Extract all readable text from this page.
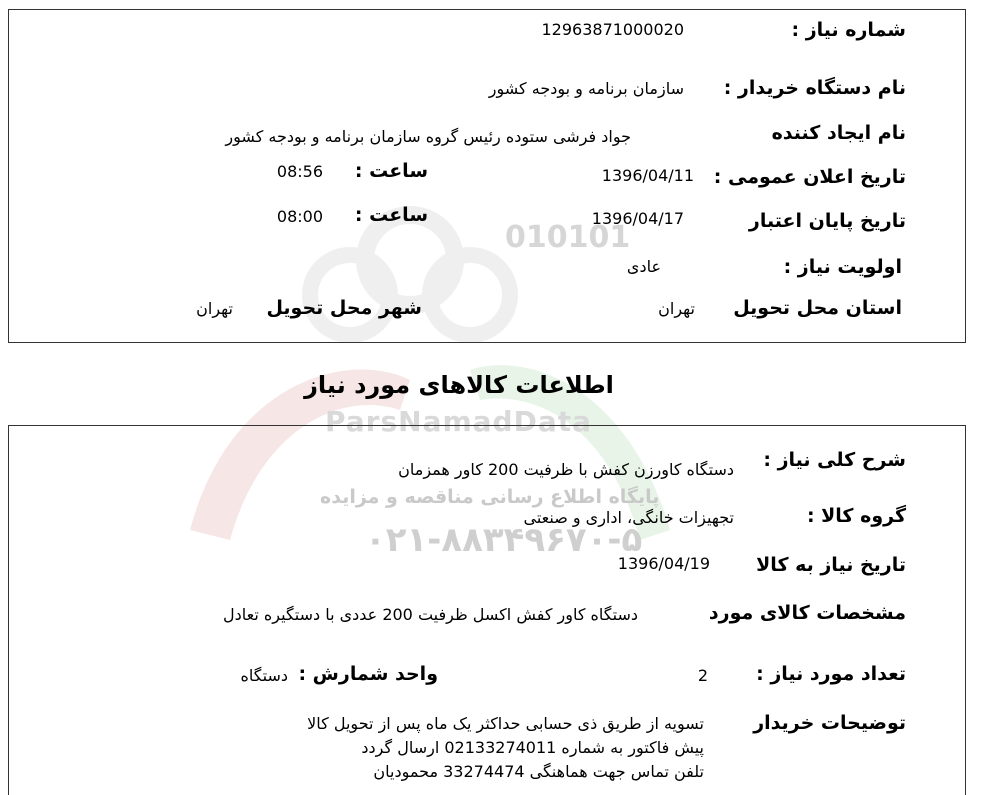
010101
ParsNamadData
پایگاه اطلاع رسانی مناقصه و مزایده
۰۲۱-۸۸۳۴۹۶۷۰-۵
شماره نیاز :
12963871000020
نام دستگاه خریدار :
سازمان برنامه و بودجه کشور
نام ایجاد کننده
جواد فرشی ستوده رئیس گروه سازمان برنامه و بودجه کشور
تاریخ اعلان عمومی :
1396/04/11
ساعت :
08:56
تاریخ پایان اعتبار
1396/04/17
ساعت :
08:00
اولویت نیاز :
عادی
استان محل تحویل
تهران
شهر محل تحویل
تهران
اطلاعات کالاهای مورد نیاز
شرح کلی نیاز :
دستگاه کاورزن کفش با ظرفیت 200 کاور همزمان
گروه کالا :
تجهیزات خانگی، اداری و صنعتی
تاریخ نیاز به کالا
1396/04/19
مشخصات کالای مورد
دستگاه کاور کفش اکسل ظرفیت 200 عددی با دستگیره تعادل
تعداد مورد نیاز :
2
واحد شمارش :
دستگاه
توضیحات خریدار
تسویه از طریق ذی حسابی حداکثر یک ماه پس از تحویل کالا
پیش فاکتور به شماره 02133274011 ارسال گردد
تلفن تماس جهت هماهنگی 33274474 محمودیان
